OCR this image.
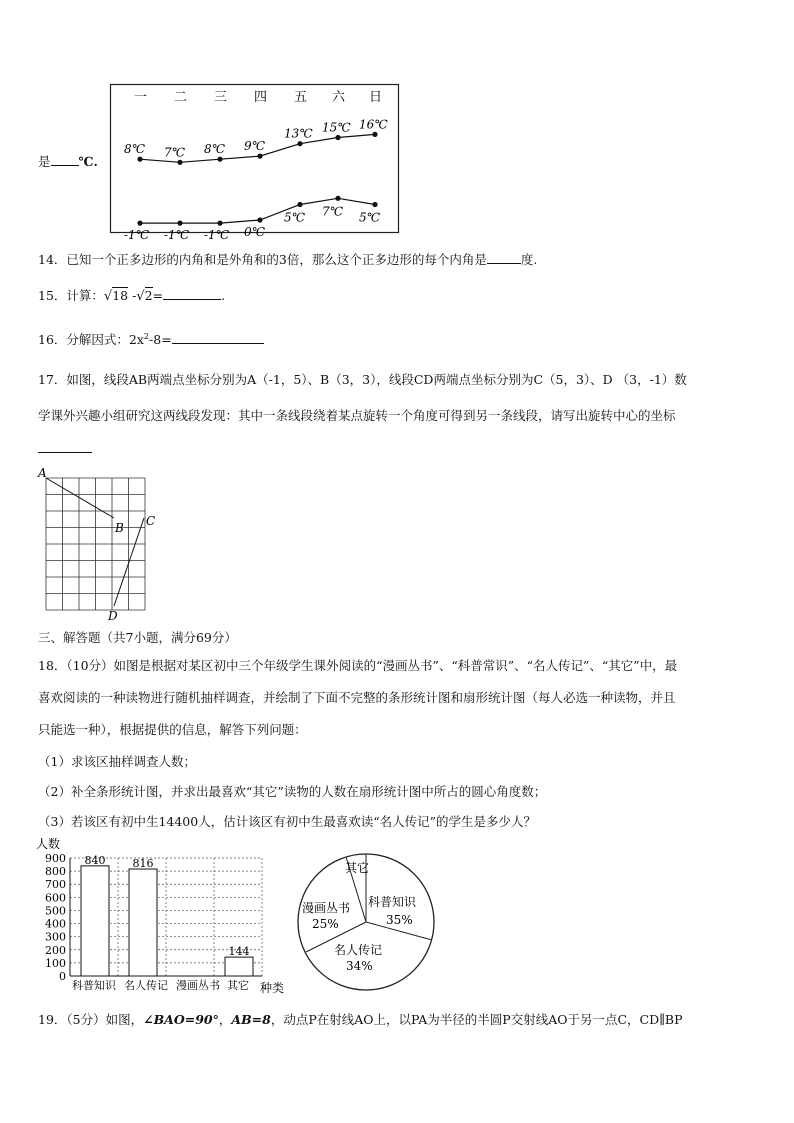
是 ℃.
一 二 三 四 五 六 日
8℃ 7℃ 8℃ 9℃
13℃ 15℃ 16℃
-1℃ -1℃ -1℃ 0℃
5℃ 7℃ 5℃
14．已知一个正多边形的内角和是外角和的3倍，那么这个正多边形的每个内角是	度.
15．计算：√18 -√2=	.
16．分解因式：$2x^2-8=$
17．如图，线段AB两端点坐标分别为A（-1，5）、B（3，3），线段CD两端点坐标分别为C（5，3）、D （3，-1）数
学课外兴趣小组研究这两线段发现：其中一条线段绕着某点旋转一个角度可得到另一条线段，请写出旋转中心的坐标
A
B C
D
三、解答题（共7小题，满分69分）
18．（10分）如图是根据对某区初中三个年级学生课外阅读的“漫画丛书”、“科普常识”、“名人传记”、“其它”中，最
喜欢阅读的一种读物进行随机抽样调查，并绘制了下面不完整的条形统计图和扇形统计图（每人必选一种读物，并且
只能选一种），根据提供的信息，解答下列问题：
（1）求该区抽样调查人数；
（2）补全条形统计图，并求出最喜欢“其它”读物的人数在扇形统计图中所占的圆心角度数；
（3）若该区有初中生14400人，估计该区有初中生最喜欢读“名人传记”的学生是多少人？
人数
900
800
700
600
500
400
300
200
100
0
840 816
144
科普知识 名人传记 漫画丛书 其它 种类
其它
科普知识
35%
名人传记
34%
漫画丛书
25%
19．（5分）如图，∠BAO=90°，AB=8，动点P在射线AO上，以PA为半径的半圆P交射线AO于另一点C，CD∥BP
